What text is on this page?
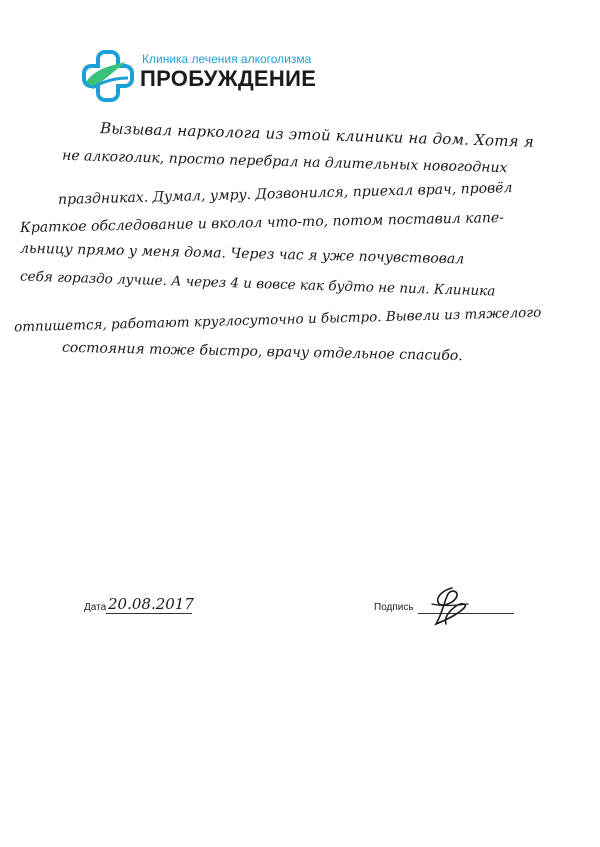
Клиника лечения алкоголизма
ПРОБУЖДЕНИЕ
Вызывал нарколога из этой клиники на дом. Хотя я
не алкоголик, просто перебрал на длительных новогодних
праздниках. Думал, умру. Дозвонился, приехал врач, провёл
Краткое обследование и вколол что-то, потом поставил капе-
льницу прямо у меня дома. Через час я уже почувствовал
себя гораздо лучше. А через 4 и вовсе как будто не пил. Клиника
отпишется, работают круглосуточно и быстро. Вывели из тяжелого
состояния тоже быстро, врачу отдельное спасибо.
Дата 20.08.2017	Подпись
